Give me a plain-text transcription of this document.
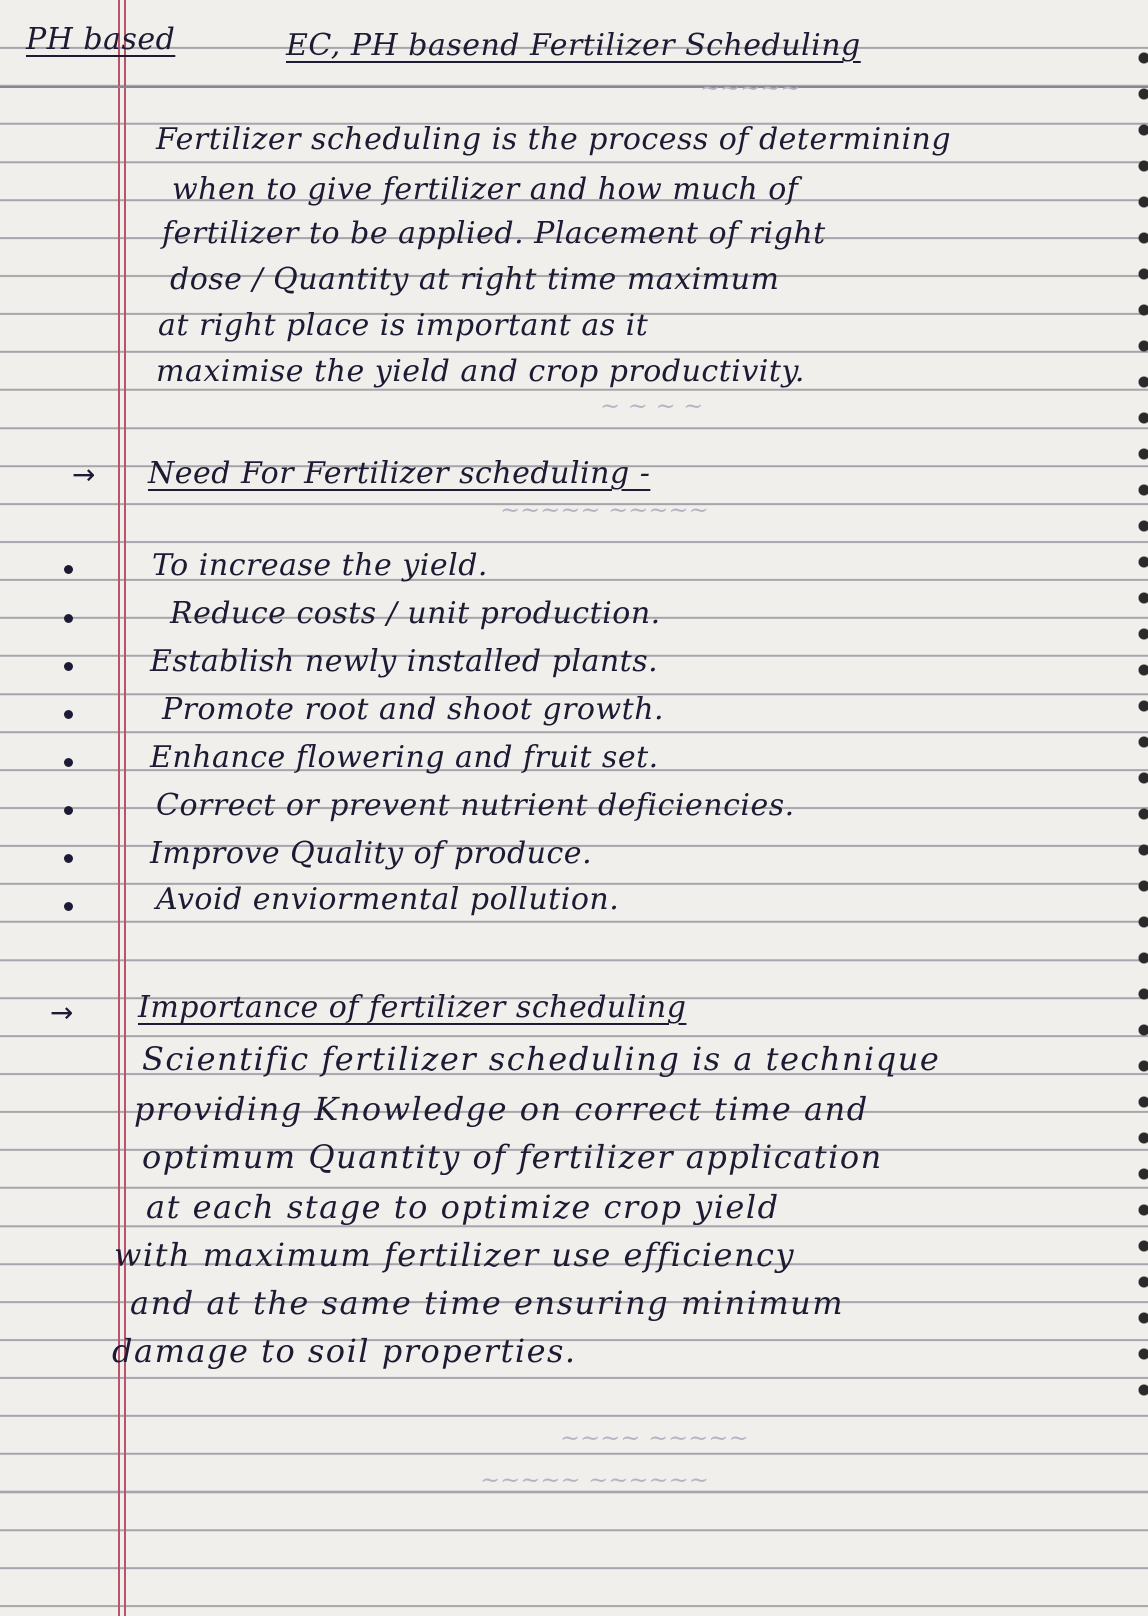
~~~~~
~ ~ ~ ~
~~~~~ ~~~~~
~~~~ ~~~~~
~~~~~ ~~~~~~
PH based	EC, PH basend Fertilizer Scheduling
Fertilizer scheduling is the process of determining
when to give fertilizer and how much of
fertilizer to be applied. Placement of right
dose / Quantity at right time maximum
at right place is important as it
maximise the yield and crop productivity.
→ Need For Fertilizer scheduling -
To increase the yield.
Reduce costs / unit production.
Establish newly installed plants.
Promote root and shoot growth.
Enhance flowering and fruit set.
Correct or prevent nutrient deficiencies.
Improve Quality of produce.
Avoid enviormental pollution.
→ Importance of fertilizer scheduling
Scientific fertilizer scheduling is a technique
providing Knowledge on correct time and
optimum Quantity of fertilizer application
at each stage to optimize crop yield
with maximum fertilizer use efficiency
and at the same time ensuring minimum
damage to soil properties.
